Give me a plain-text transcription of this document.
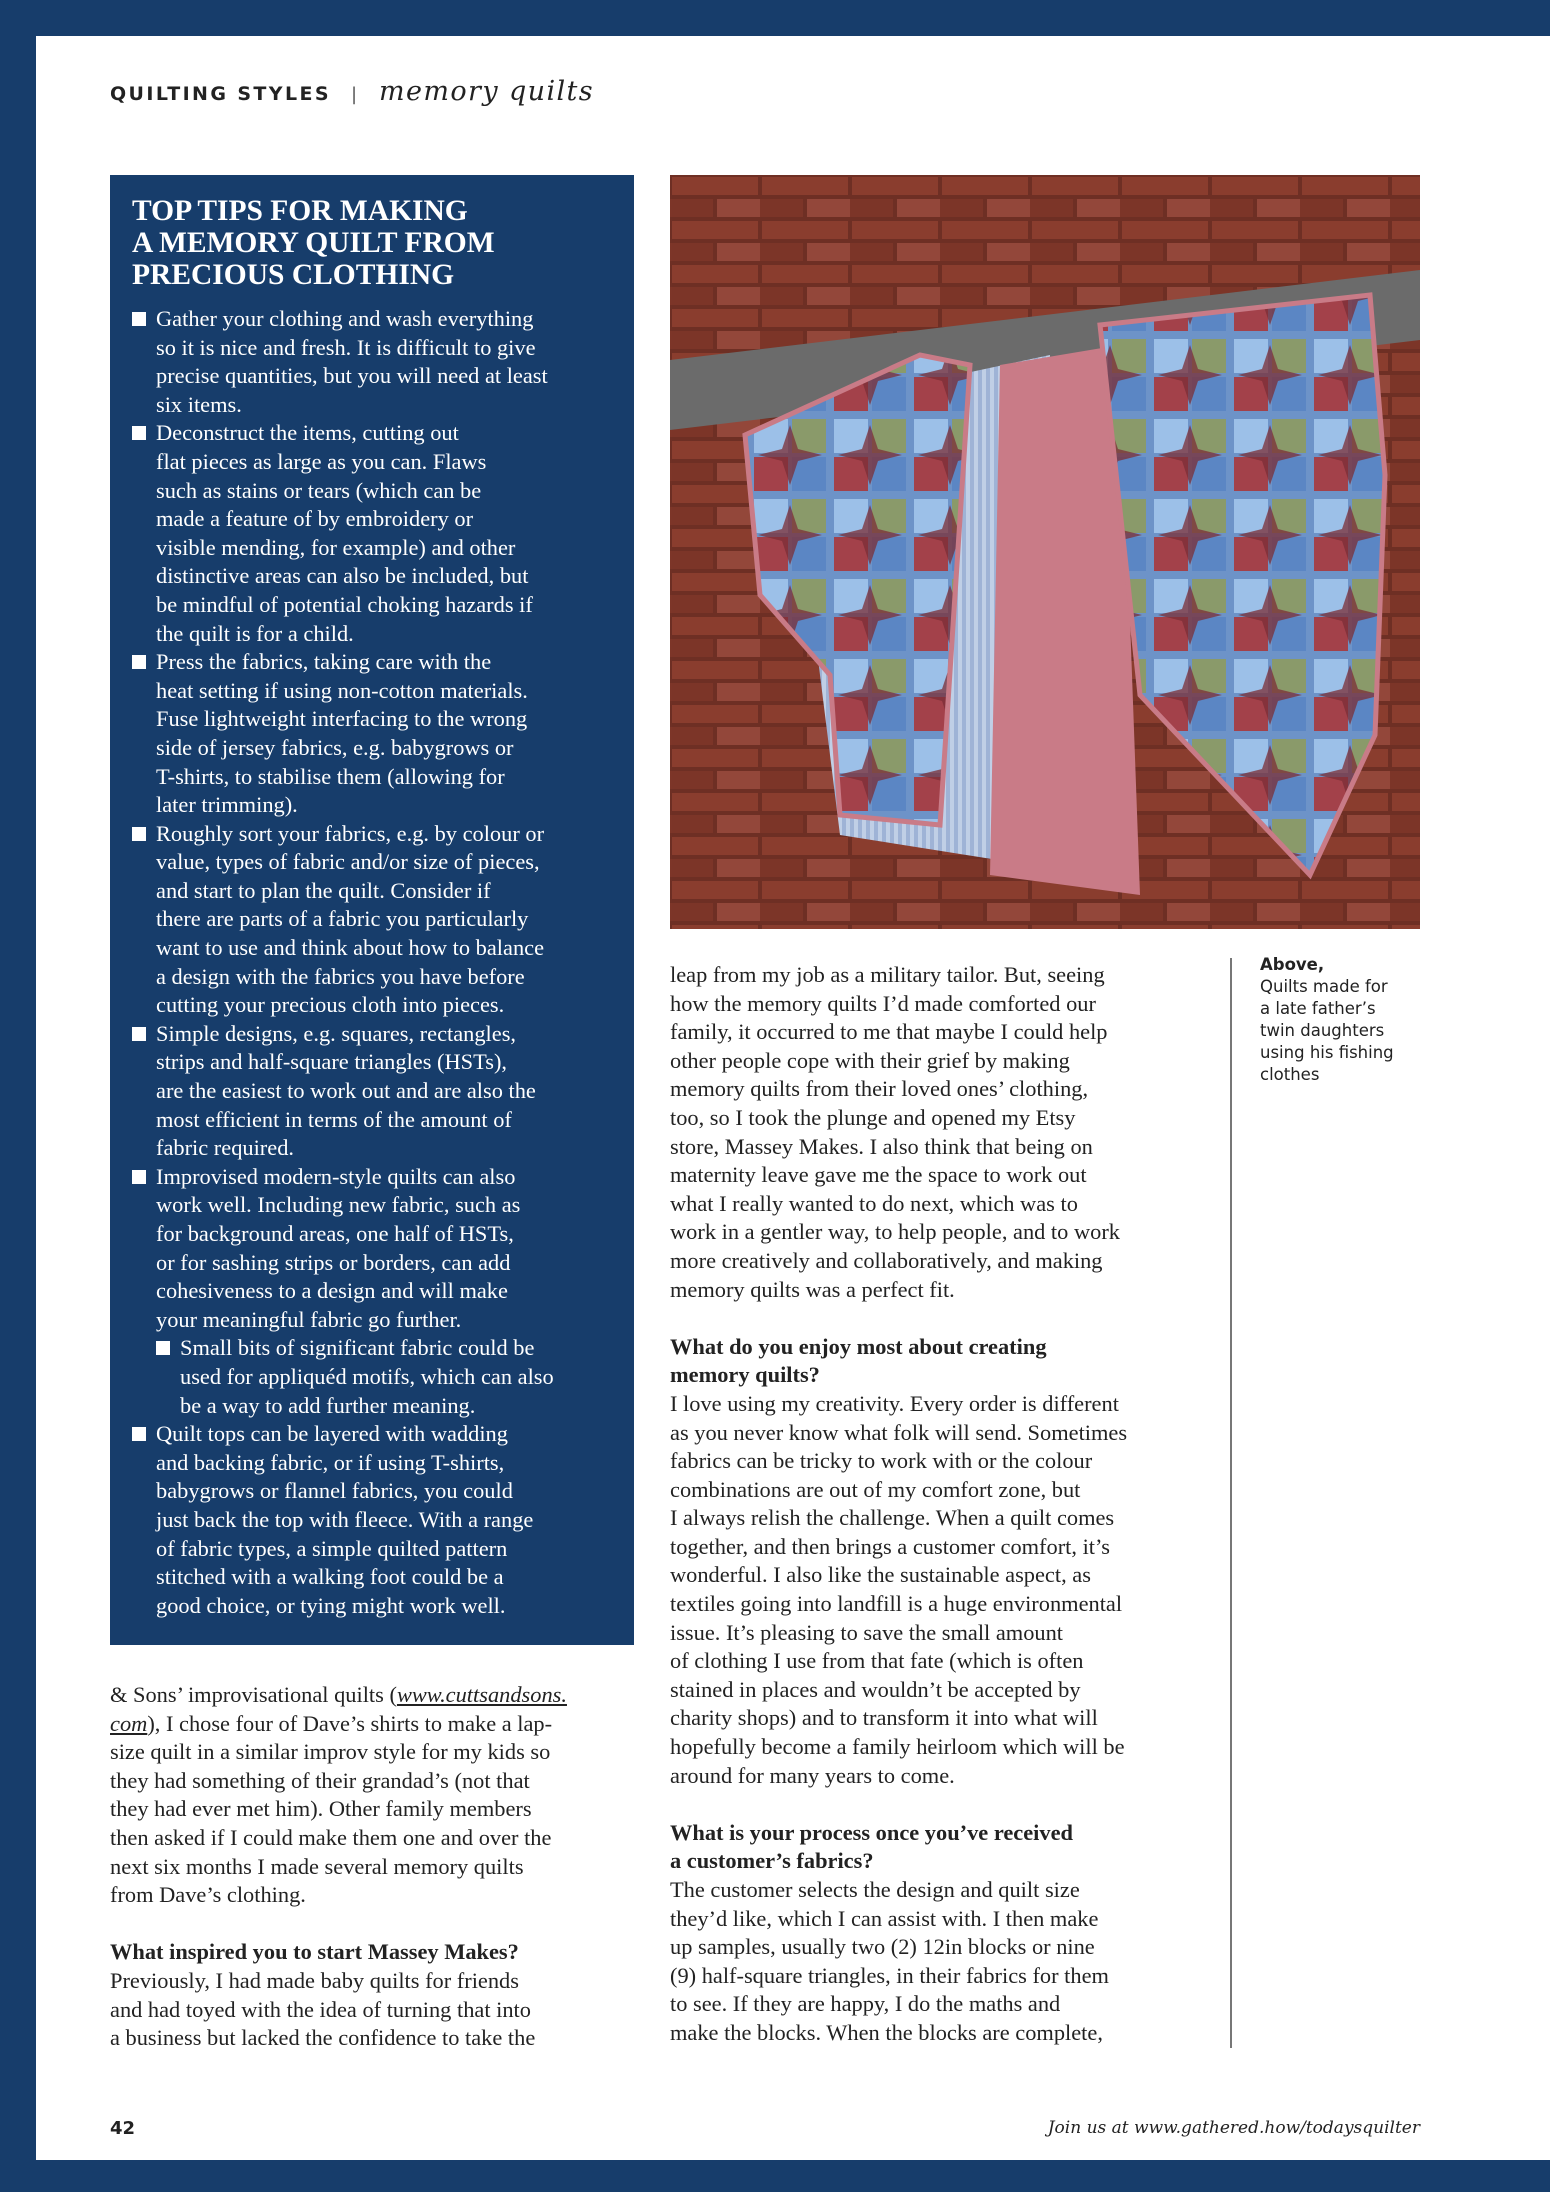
QUILTING STYLES | memory quilts
TOP TIPS FOR MAKING
A MEMORY QUILT FROM
PRECIOUS CLOTHING
Gather your clothing and wash everything
so it is nice and fresh. It is difficult to give
precise quantities, but you will need at least
six items.
Deconstruct the items, cutting out
flat pieces as large as you can. Flaws
such as stains or tears (which can be
made a feature of by embroidery or
visible mending, for example) and other
distinctive areas can also be included, but
be mindful of potential choking hazards if
the quilt is for a child.
Press the fabrics, taking care with the
heat setting if using non-cotton materials.
Fuse lightweight interfacing to the wrong
side of jersey fabrics, e.g. babygrows or
T-shirts, to stabilise them (allowing for
later trimming).
Roughly sort your fabrics, e.g. by colour or
value, types of fabric and/or size of pieces,
and start to plan the quilt. Consider if
there are parts of a fabric you particularly
want to use and think about how to balance
a design with the fabrics you have before
cutting your precious cloth into pieces.
Simple designs, e.g. squares, rectangles,
strips and half-square triangles (HSTs),
are the easiest to work out and are also the
most efficient in terms of the amount of
fabric required.
Improvised modern-style quilts can also
work well. Including new fabric, such as
for background areas, one half of HSTs,
or for sashing strips or borders, can add
cohesiveness to a design and will make
your meaningful fabric go further.
Small bits of significant fabric could be
used for appliquéd motifs, which can also
be a way to add further meaning.
Quilt tops can be layered with wadding
and backing fabric, or if using T-shirts,
babygrows or flannel fabrics, you could
just back the top with fleece. With a range
of fabric types, a simple quilted pattern
stitched with a walking foot could be a
good choice, or tying might work well.

& Sons’ improvisational quilts (www.cuttsandsons.
com), I chose four of Dave’s shirts to make a lap-
size quilt in a similar improv style for my kids so
they had something of their grandad’s (not that
they had ever met him). Other family members
then asked if I could make them one and over the
next six months I made several memory quilts
from Dave’s clothing.

What inspired you to start Massey Makes?

Previously, I had made baby quilts for friends
and had toyed with the idea of turning that into
a business but lacked the confidence to take the

leap from my job as a military tailor. But, seeing
how the memory quilts I’d made comforted our
family, it occurred to me that maybe I could help
other people cope with their grief by making
memory quilts from their loved ones’ clothing,
too, so I took the plunge and opened my Etsy
store, Massey Makes. I also think that being on
maternity leave gave me the space to work out
what I really wanted to do next, which was to
work in a gentler way, to help people, and to work
more creatively and collaboratively, and making
memory quilts was a perfect fit.

What do you enjoy most about creating
memory quilts?

I love using my creativity. Every order is different
as you never know what folk will send. Sometimes
fabrics can be tricky to work with or the colour
combinations are out of my comfort zone, but
I always relish the challenge. When a quilt comes
together, and then brings a customer comfort, it’s
wonderful. I also like the sustainable aspect, as
textiles going into landfill is a huge environmental
issue. It’s pleasing to save the small amount
of clothing I use from that fate (which is often
stained in places and wouldn’t be accepted by
charity shops) and to transform it into what will
hopefully become a family heirloom which will be
around for many years to come.

What is your process once you’ve received
a customer’s fabrics?

The customer selects the design and quilt size
they’d like, which I can assist with. I then make
up samples, usually two (2) 12in blocks or nine
(9) half-square triangles, in their fabrics for them
to see. If they are happy, I do the maths and
make the blocks. When the blocks are complete,

Above,
Quilts made for
a late father’s
twin daughters
using his fishing
clothes
42	Join us at www.gathered.how/todaysquilter
